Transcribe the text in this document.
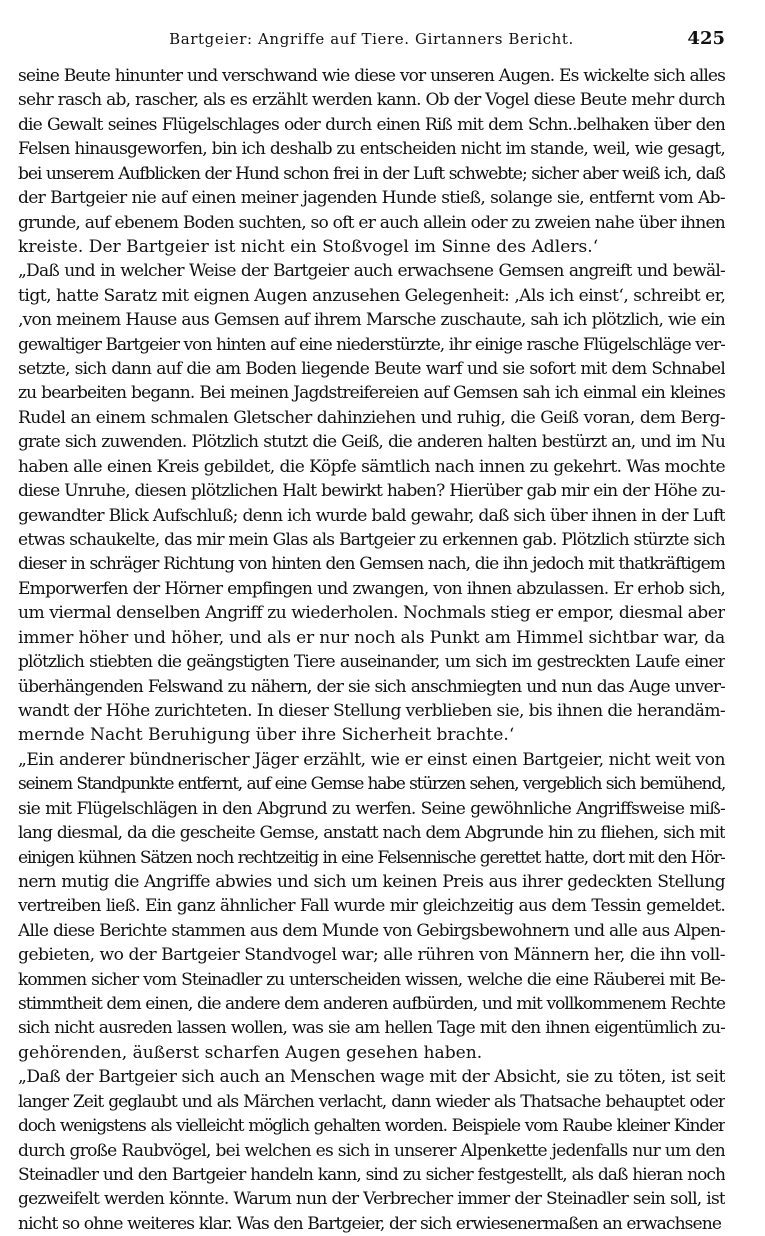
Bartgeier: Angriffe auf Tiere. Girtanners Bericht.	425

seine Beute hinunter und verschwand wie diese vor unseren Augen. Es wickelte sich alles
sehr rasch ab, rascher, als es erzählt werden kann. Ob der Vogel diese Beute mehr durch
die Gewalt seines Flügelschlages oder durch einen Riß mit dem Schn..belhaken über den
Felsen hinausgeworfen, bin ich deshalb zu entscheiden nicht im stande, weil, wie gesagt,
bei unserem Aufblicken der Hund schon frei in der Luft schwebte; sicher aber weiß ich, daß
der Bartgeier nie auf einen meiner jagenden Hunde stieß, solange sie, entfernt vom Ab-
grunde, auf ebenem Boden suchten, so oft er auch allein oder zu zweien nahe über ihnen
kreiste. Der Bartgeier ist nicht ein Stoßvogel im Sinne des Adlers.‘

„Daß und in welcher Weise der Bartgeier auch erwachsene Gemsen angreift und bewäl-
tigt, hatte Saratz mit eignen Augen anzusehen Gelegenheit: ‚Als ich einst‘, schreibt er,
‚von meinem Hause aus Gemsen auf ihrem Marsche zuschaute, sah ich plötzlich, wie ein
gewaltiger Bartgeier von hinten auf eine niederstürzte, ihr einige rasche Flügelschläge ver-
setzte, sich dann auf die am Boden liegende Beute warf und sie sofort mit dem Schnabel
zu bearbeiten begann. Bei meinen Jagdstreifereien auf Gemsen sah ich einmal ein kleines
Rudel an einem schmalen Gletscher dahinziehen und ruhig, die Geiß voran, dem Berg-
grate sich zuwenden. Plötzlich stutzt die Geiß, die anderen halten bestürzt an, und im Nu
haben alle einen Kreis gebildet, die Köpfe sämtlich nach innen zu gekehrt. Was mochte
diese Unruhe, diesen plötzlichen Halt bewirkt haben? Hierüber gab mir ein der Höhe zu-
gewandter Blick Aufschluß; denn ich wurde bald gewahr, daß sich über ihnen in der Luft
etwas schaukelte, das mir mein Glas als Bartgeier zu erkennen gab. Plötzlich stürzte sich
dieser in schräger Richtung von hinten den Gemsen nach, die ihn jedoch mit thatkräftigem
Emporwerfen der Hörner empfingen und zwangen, von ihnen abzulassen. Er erhob sich,
um viermal denselben Angriff zu wiederholen. Nochmals stieg er empor, diesmal aber
immer höher und höher, und als er nur noch als Punkt am Himmel sichtbar war, da
plötzlich stiebten die geängstigten Tiere auseinander, um sich im gestreckten Laufe einer
überhängenden Felswand zu nähern, der sie sich anschmiegten und nun das Auge unver-
wandt der Höhe zurichteten. In dieser Stellung verblieben sie, bis ihnen die herandäm-
mernde Nacht Beruhigung über ihre Sicherheit brachte.‘

„Ein anderer bündnerischer Jäger erzählt, wie er einst einen Bartgeier, nicht weit von
seinem Standpunkte entfernt, auf eine Gemse habe stürzen sehen, vergeblich sich bemühend,
sie mit Flügelschlägen in den Abgrund zu werfen. Seine gewöhnliche Angriffsweise miß-
lang diesmal, da die gescheite Gemse, anstatt nach dem Abgrunde hin zu fliehen, sich mit
einigen kühnen Sätzen noch rechtzeitig in eine Felsennische gerettet hatte, dort mit den Hör-
nern mutig die Angriffe abwies und sich um keinen Preis aus ihrer gedeckten Stellung
vertreiben ließ. Ein ganz ähnlicher Fall wurde mir gleichzeitig aus dem Tessin gemeldet.
Alle diese Berichte stammen aus dem Munde von Gebirgsbewohnern und alle aus Alpen-
gebieten, wo der Bartgeier Standvogel war; alle rühren von Männern her, die ihn voll-
kommen sicher vom Steinadler zu unterscheiden wissen, welche die eine Räuberei mit Be-
stimmtheit dem einen, die andere dem anderen aufbürden, und mit vollkommenem Rechte
sich nicht ausreden lassen wollen, was sie am hellen Tage mit den ihnen eigentümlich zu-
gehörenden, äußerst scharfen Augen gesehen haben.

„Daß der Bartgeier sich auch an Menschen wage mit der Absicht, sie zu töten, ist seit
langer Zeit geglaubt und als Märchen verlacht, dann wieder als Thatsache behauptet oder
doch wenigstens als vielleicht möglich gehalten worden. Beispiele vom Raube kleiner Kinder
durch große Raubvögel, bei welchen es sich in unserer Alpenkette jedenfalls nur um den
Steinadler und den Bartgeier handeln kann, sind zu sicher festgestellt, als daß hieran noch
gezweifelt werden könnte. Warum nun der Verbrecher immer der Steinadler sein soll, ist
nicht so ohne weiteres klar. Was den Bartgeier, der sich erwiesenermaßen an erwachsene
